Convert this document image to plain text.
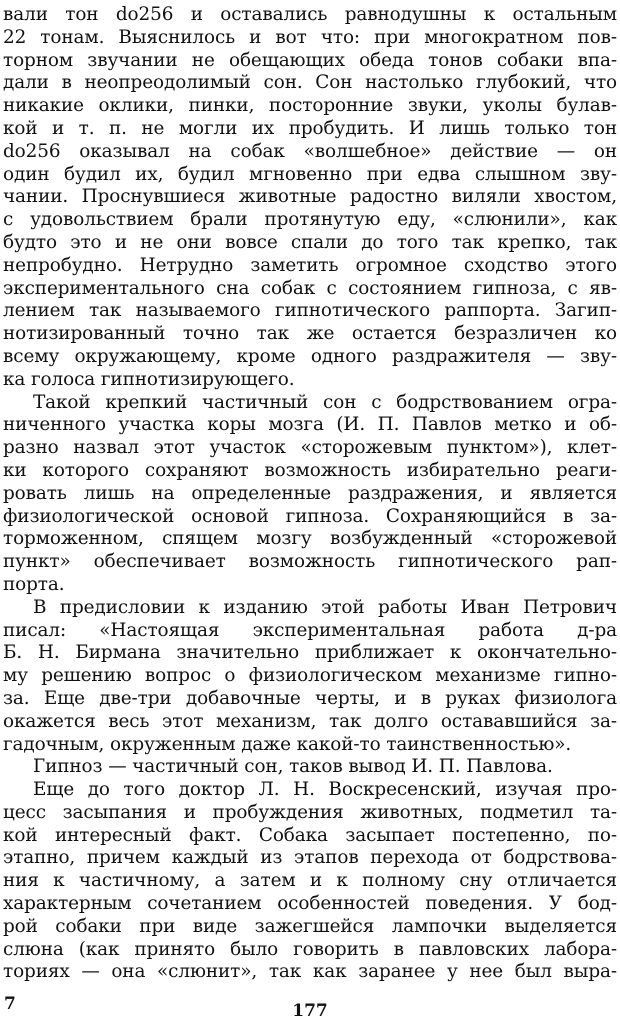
вали тон do256 и оставались равнодушны к остальным
22 тонам. Выяснилось и вот что: при многократном пов-
торном звучании не обещающих обеда тонов собаки впа-
дали в неопреодолимый сон. Сон настолько глубокий, что
никакие оклики, пинки, посторонние звуки, уколы булав-
кой и т. п. не могли их пробудить. И лишь только тон
do256 оказывал на собак «волшебное» действие — он
один будил их, будил мгновенно при едва слышном зву-
чании. Проснувшиеся животные радостно виляли хвостом,
с удовольствием брали протянутую еду, «слюнили», как
будто это и не они вовсе спали до того так крепко, так
непробудно. Нетрудно заметить огромное сходство этого
экспериментального сна собак с состоянием гипноза, с яв-
лением так называемого гипнотического раппорта. Загип-
нотизированный точно так же остается безразличен ко
всему окружающему, кроме одного раздражителя — зву-
ка голоса гипнотизирующего.
Такой крепкий частичный сон с бодрствованием огра-
ниченного участка коры мозга (И. П. Павлов метко и об-
разно назвал этот участок «сторожевым пунктом»), клет-
ки которого сохраняют возможность избирательно реаги-
ровать лишь на определенные раздражения, и является
физиологической основой гипноза. Сохраняющийся в за-
торможенном, спящем мозгу возбужденный «сторожевой
пункт» обеспечивает возможность гипнотического рап-
порта.
В предисловии к изданию этой работы Иван Петрович
писал: «Настоящая экспериментальная работа д-ра
Б. Н. Бирмана значительно приближает к окончательно-
му решению вопрос о физиологическом механизме гипно-
за. Еще две-три добавочные черты, и в руках физиолога
окажется весь этот механизм, так долго остававшийся за-
гадочным, окруженным даже какой-то таинственностью».
Гипноз — частичный сон, таков вывод И. П. Павлова.
Еще до того доктор Л. Н. Воскресенский, изучая про-
цесс засыпания и пробуждения животных, подметил та-
кой интересный факт. Собака засыпает постепенно, по-
этапно, причем каждый из этапов перехода от бодрствова-
ния к частичному, а затем и к полному сну отличается
характерным сочетанием особенностей поведения. У бод-
рой собаки при виде зажегшейся лампочки выделяется
слюна (как принято было говорить в павловских лабора-
ториях — она «слюнит», так как заранее у нее был выра-
7	177
